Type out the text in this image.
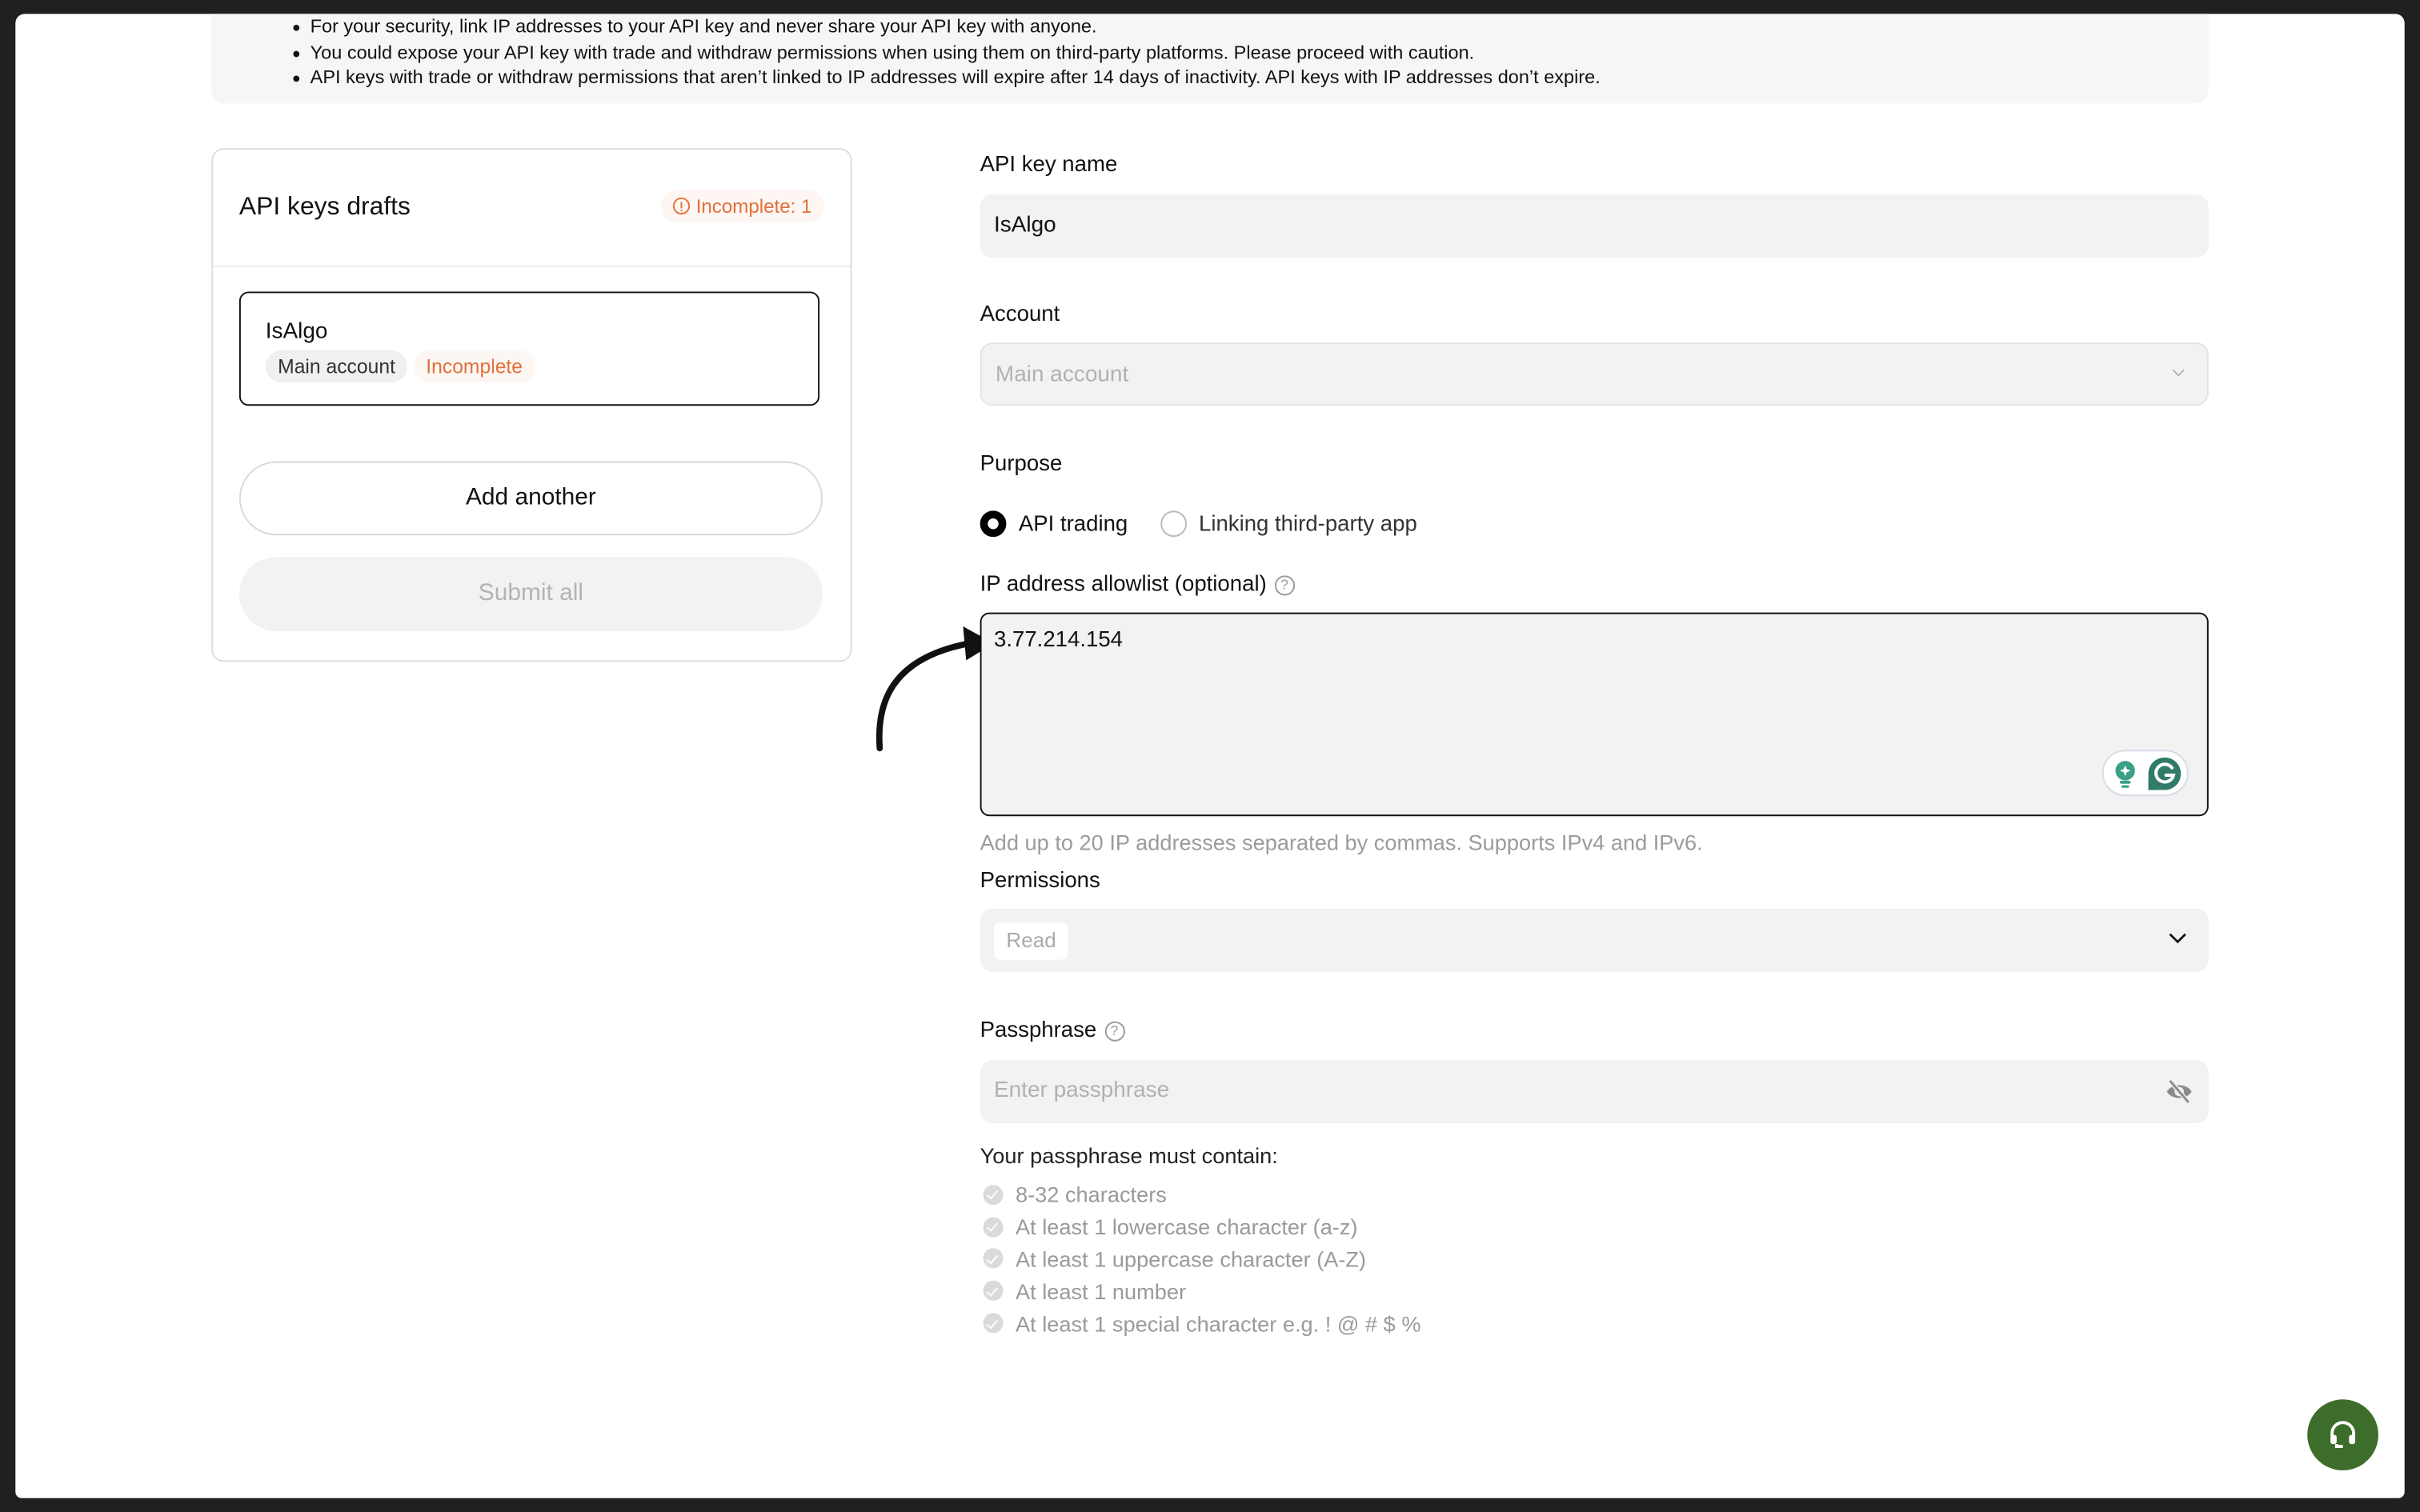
For your security, link IP addresses to your API key and never share your API key with anyone.
You could expose your API key with trade and withdraw permissions when using them on third-party platforms. Please proceed with caution.
API keys with trade or withdraw permissions that aren’t linked to IP addresses will expire after 14 days of inactivity. API keys with IP addresses don’t expire.
API keys drafts	Incomplete: 1
IsAlgo
Main account	Incomplete
Add another
Submit all
API key name
IsAlgo
Account
Main account
Purpose
API trading	Linking third-party app
IP address allowlist (optional) ?
3.77.214.154
Add up to 20 IP addresses separated by commas. Supports IPv4 and IPv6.
Permissions
Read
Passphrase ?
Enter passphrase
Your passphrase must contain:
8-32 characters
At least 1 lowercase character (a-z)
At least 1 uppercase character (A-Z)
At least 1 number
At least 1 special character e.g. ! @ # $ %
